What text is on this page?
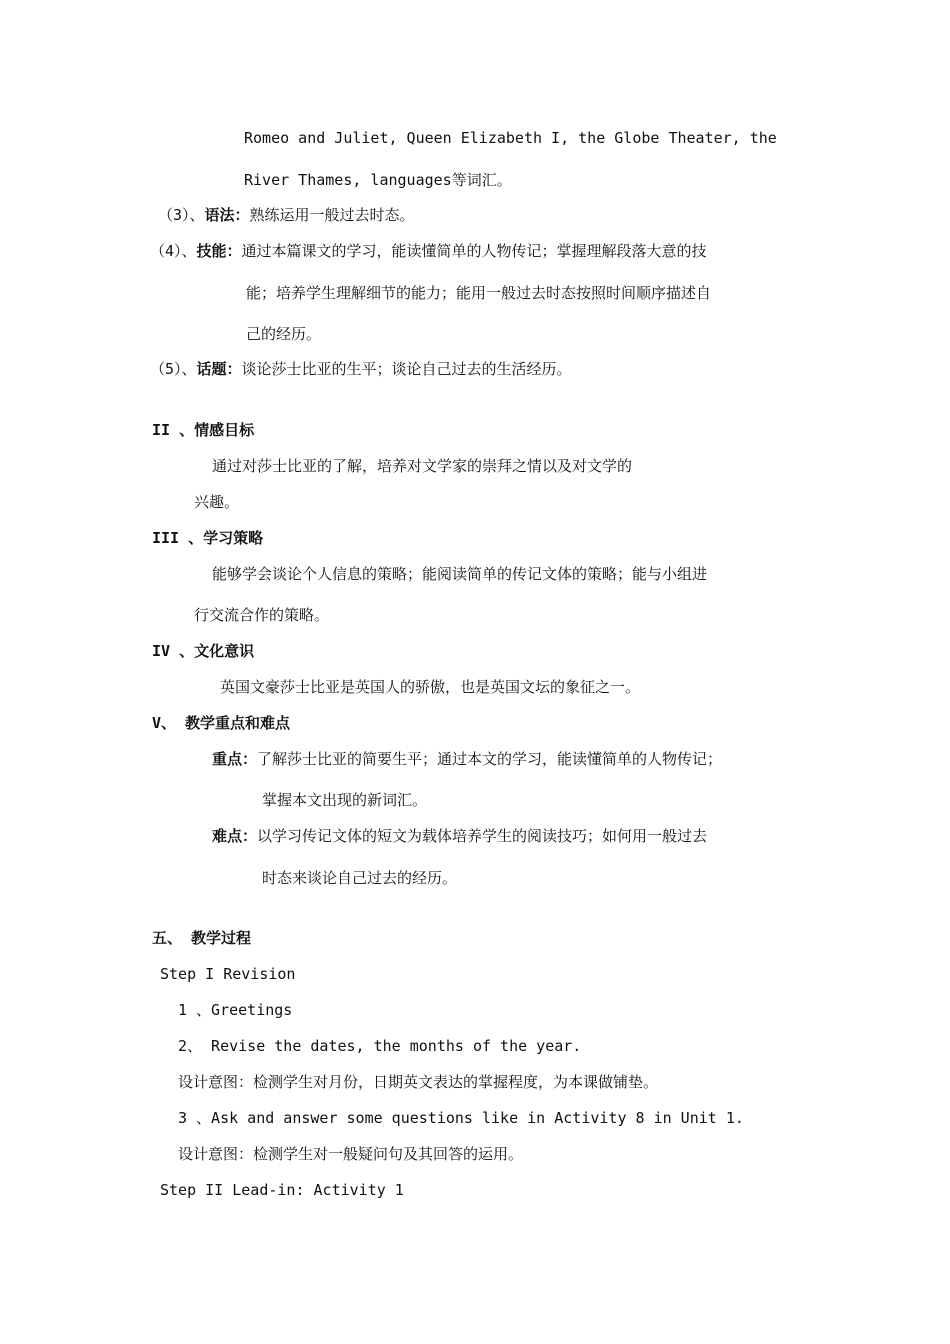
Romeo and Juliet, Queen Elizabeth I, the Globe Theater, the
River Thames, languages等词汇。
（3）、语法：熟练运用一般过去时态。
（4）、技能：通过本篇课文的学习，能读懂简单的人物传记；掌握理解段落大意的技
能；培养学生理解细节的能力；能用一般过去时态按照时间顺序描述自
己的经历。
（5）、话题：谈论莎士比亚的生平；谈论自己过去的生活经历。
II 、情感目标
通过对莎士比亚的了解，培养对文学家的崇拜之情以及对文学的
兴趣。
III 、学习策略
能够学会谈论个人信息的策略；能阅读简单的传记文体的策略；能与小组进
行交流合作的策略。
IV 、文化意识
英国文豪莎士比亚是英国人的骄傲，也是英国文坛的象征之一。
V、 教学重点和难点
重点：了解莎士比亚的简要生平；通过本文的学习，能读懂简单的人物传记；
掌握本文出现的新词汇。
难点：以学习传记文体的短文为载体培养学生的阅读技巧；如何用一般过去
时态来谈论自己过去的经历。
五、 教学过程
Step I Revision
1 、Greetings
2、 Revise the dates, the months of the year.
设计意图：检测学生对月份，日期英文表达的掌握程度，为本课做铺垫。
3 、Ask and answer some questions like in Activity 8 in Unit 1.
设计意图：检测学生对一般疑问句及其回答的运用。
Step II Lead-in: Activity 1
